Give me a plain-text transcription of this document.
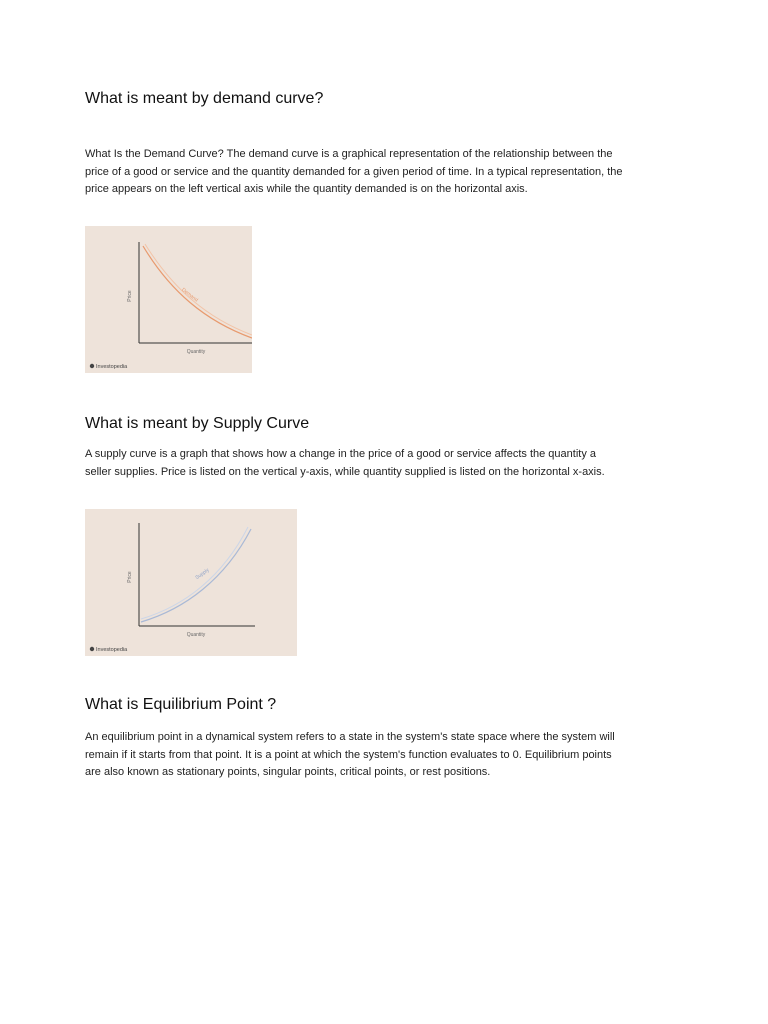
What is meant by demand curve?

What Is the Demand Curve? The demand curve is a graphical representation of the relationship between the price of a good or service and the quantity demanded for a given period of time. In a typical representation, the price appears on the left vertical axis while the quantity demanded is on the horizontal axis.

Price
Quantity
Demand
Investopedia
What is meant by Supply Curve

A supply curve is a graph that shows how a change in the price of a good or service affects the quantity a seller supplies. Price is listed on the vertical y-axis, while quantity supplied is listed on the horizontal x-axis.

Price
Quantity
Supply
Investopedia
What is Equilibrium Point ?

An equilibrium point in a dynamical system refers to a state in the system's state space where the system will remain if it starts from that point. It is a point at which the system's function evaluates to 0. Equilibrium points are also known as stationary points, singular points, critical points, or rest positions.
